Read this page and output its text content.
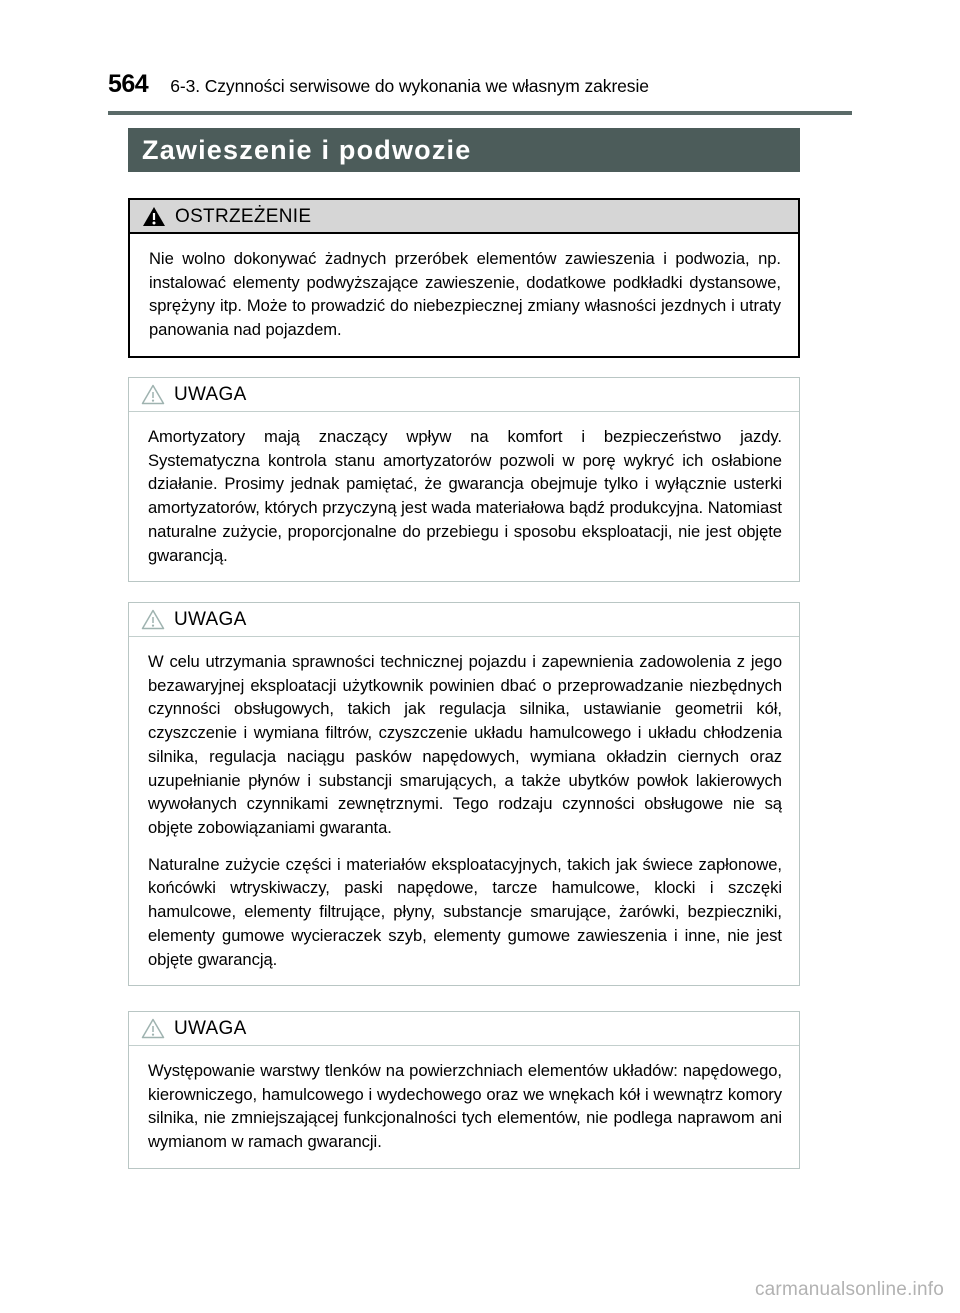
564 6-3. Czynności serwisowe do wykonania we własnym zakresie
Zawieszenie i podwozie
OSTRZEŻENIE

Nie wolno dokonywać żadnych przeróbek elementów zawieszenia i podwozia, np. instalować elementy podwyższające zawieszenie, dodatkowe podkładki dystansowe, sprężyny itp. Może to prowadzić do niebezpiecznej zmiany własności jezdnych i utraty panowania nad pojazdem.

UWAGA

Amortyzatory mają znaczący wpływ na komfort i bezpieczeństwo jazdy. Systematyczna kontrola stanu amortyzatorów pozwoli w porę wykryć ich osłabione działanie. Prosimy jednak pamiętać, że gwarancja obejmuje tylko i wyłącznie usterki amortyzatorów, których przyczyną jest wada materiałowa bądź produkcyjna. Natomiast naturalne zużycie, proporcjonalne do przebiegu i sposobu eksploatacji, nie jest objęte gwarancją.

UWAGA

W celu utrzymania sprawności technicznej pojazdu i zapewnienia zadowolenia z jego bezawaryjnej eksploatacji użytkownik powinien dbać o przeprowadzanie niezbędnych czynności obsługowych, takich jak regulacja silnika, ustawianie geometrii kół, czyszczenie i wymiana filtrów, czyszczenie układu hamulcowego i układu chłodzenia silnika, regulacja naciągu pasków napędowych, wymiana okładzin ciernych oraz uzupełnianie płynów i substancji smarujących, a także ubytków powłok lakierowych wywołanych czynnikami zewnętrznymi. Tego rodzaju czynności obsługowe nie są objęte zobowiązaniami gwaranta.

Naturalne zużycie części i materiałów eksploatacyjnych, takich jak świece zapłonowe, końcówki wtryskiwaczy, paski napędowe, tarcze hamulcowe, klocki i szczęki hamulcowe, elementy filtrujące, płyny, substancje smarujące, żarówki, bezpieczniki, elementy gumowe wycieraczek szyb, elementy gumowe zawieszenia i inne, nie jest objęte gwarancją.

UWAGA

Występowanie warstwy tlenków na powierzchniach elementów układów: napędowego, kierowniczego, hamulcowego i wydechowego oraz we wnękach kół i wewnątrz komory silnika, nie zmniejszającej funkcjonalności tych elementów, nie podlega naprawom ani wymianom w ramach gwarancji.

carmanualsonline.info
